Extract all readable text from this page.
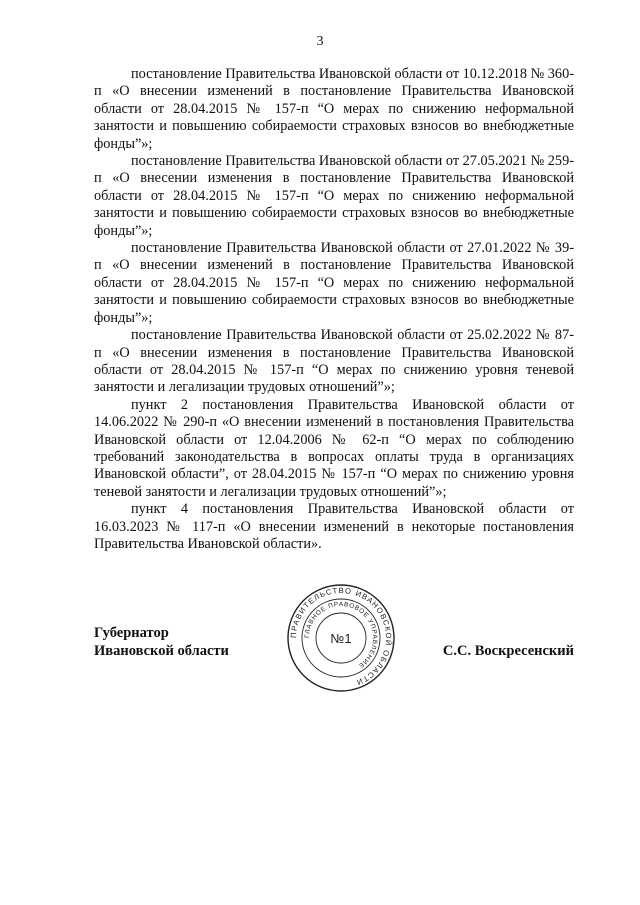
3

постановление Правительства Ивановской области от 10.12.2018 № 360-п «О внесении изменений в постановление Правительства Ивановской области от 28.04.2015 № 157-п “О мерах по снижению неформальной занятости и повышению собираемости страховых взносов во внебюджетные фонды”»;

постановление Правительства Ивановской области от 27.05.2021 № 259-п «О внесении изменения в постановление Правительства Ивановской области от 28.04.2015 № 157-п “О мерах по снижению неформальной занятости и повышению собираемости страховых взносов во внебюджетные фонды”»;

постановление Правительства Ивановской области от 27.01.2022 № 39-п «О внесении изменений в постановление Правительства Ивановской области от 28.04.2015 № 157-п “О мерах по снижению неформальной занятости и повышению собираемости страховых взносов во внебюджетные фонды”»;

постановление Правительства Ивановской области от 25.02.2022 № 87-п «О внесении изменения в постановление Правительства Ивановской области от 28.04.2015 № 157-п “О мерах по снижению уровня теневой занятости и легализации трудовых отношений”»;

пункт 2 постановления Правительства Ивановской области от 14.06.2022 № 290-п «О внесении изменений в постановления Правительства Ивановской области от 12.04.2006 № 62-п “О мерах по соблюдению требований законодательства в вопросах оплаты труда в организациях Ивановской области”, от 28.04.2015 № 157-п “О мерах по снижению уровня теневой занятости и легализации трудовых отношений”»;

пункт 4 постановления Правительства Ивановской области от 16.03.2023 № 117-п «О внесении изменений в некоторые постановления Правительства Ивановской области».

Губернатор
Ивановской области	С.С. Воскресенский
ПРАВИТЕЛЬСТВО ИВАНОВСКОЙ ОБЛАСТИ
ГЛАВНОЕ ПРАВОВОЕ УПРАВЛЕНИЕ
№1
